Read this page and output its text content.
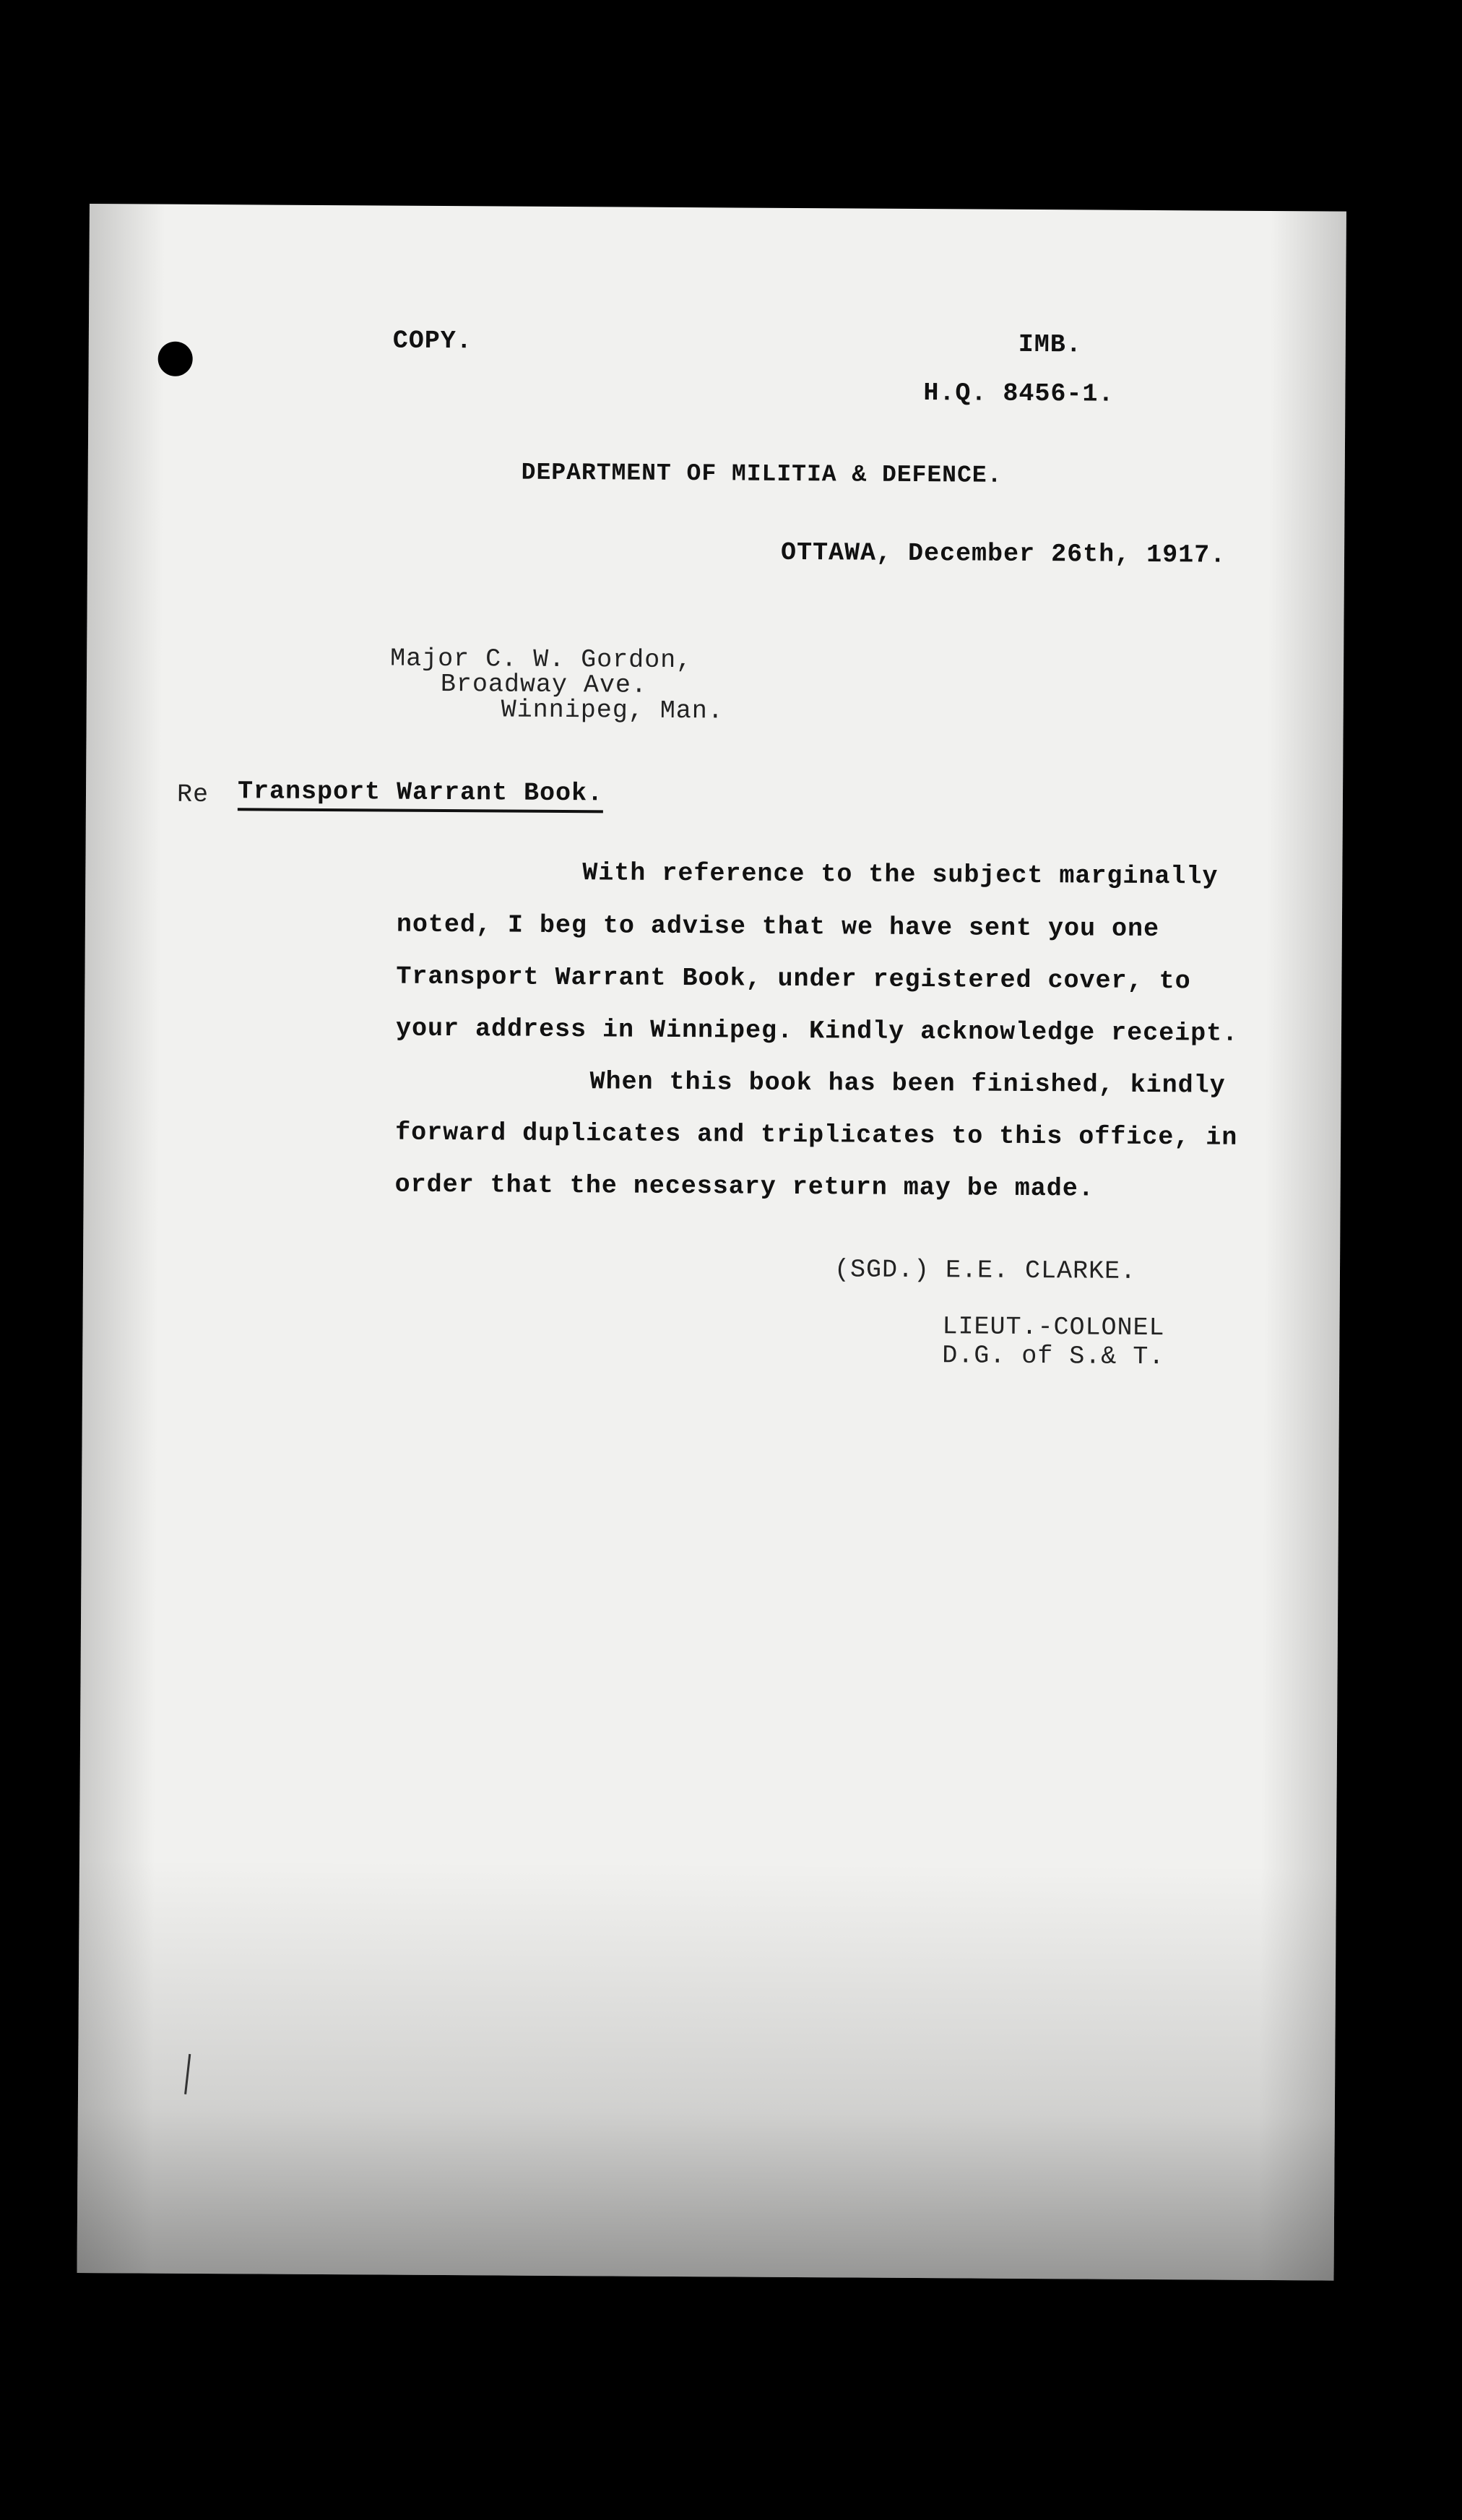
COPY.	IMB.
H.Q. 8456-1.
DEPARTMENT OF MILITIA & DEFENCE.
OTTAWA, December 26th, 1917.
Major C. W. Gordon,
Broadway Ave.
Winnipeg, Man.
Re Transport Warrant Book.
With reference to the subject marginally
noted, I beg to advise that we have sent you one
Transport Warrant Book, under registered cover, to
your address in Winnipeg. Kindly acknowledge receipt.
When this book has been finished, kindly
forward duplicates and triplicates to this office, in
order that the necessary return may be made.
(SGD.) E.E. CLARKE.
LIEUT.-COLONEL
D.G. of S.& T.
